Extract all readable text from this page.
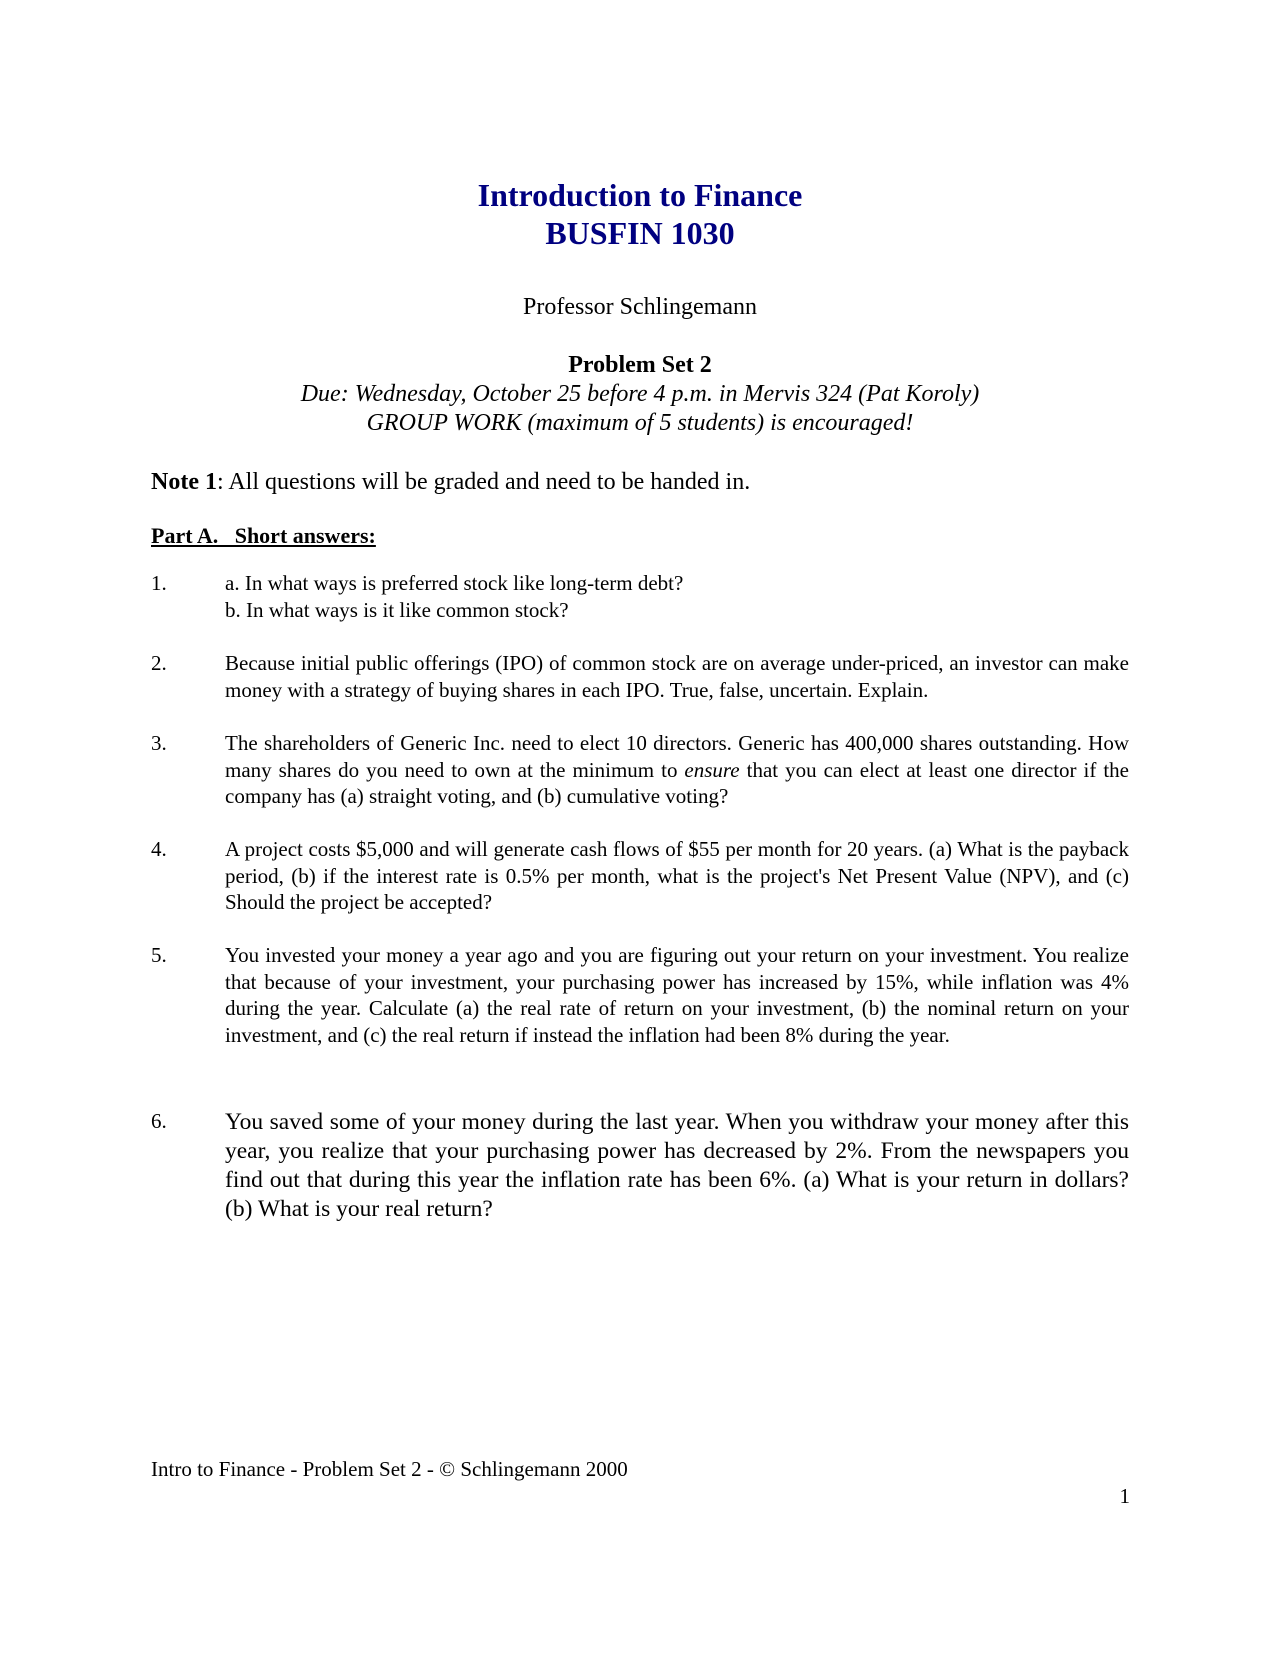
Introduction to Finance
BUSFIN 1030
Professor Schlingemann
Problem Set 2
Due: Wednesday, October 25 before 4 p.m. in Mervis 324 (Pat Koroly)
GROUP WORK (maximum of 5 students) is encouraged!
Note 1: All questions will be graded and need to be handed in.
Part A.   Short answers:
1.	a. In what ways is preferred stock like long-term debt?
b. In what ways is it like common stock?
2.	Because initial public offerings (IPO) of common stock are on average under-priced, an investor can make money with a strategy of buying shares in each IPO. True, false, uncertain. Explain.
3.	The shareholders of Generic Inc. need to elect 10 directors. Generic has 400,000 shares outstanding. How many shares do you need to own at the minimum to ensure that you can elect at least one director if the company has (a) straight voting, and (b) cumulative voting?
4.	A project costs $5,000 and will generate cash flows of $55 per month for 20 years. (a) What is the payback period, (b) if the interest rate is 0.5% per month, what is the project's Net Present Value (NPV), and (c) Should the project be accepted?
5.	You invested your money a year ago and you are figuring out your return on your investment. You realize that because of your investment, your purchasing power has increased by 15%, while inflation was 4% during the year. Calculate (a) the real rate of return on your investment, (b) the nominal return on your investment, and (c) the real return if instead the inflation had been 8% during the year.
6.	You saved some of your money during the last year. When you withdraw your money after this year, you realize that your purchasing power has decreased by 2%. From the newspapers you find out that during this year the inflation rate has been 6%. (a) What is your return in dollars? (b) What is your real return?
Intro to Finance - Problem Set 2 - © Schlingemann 2000
1
